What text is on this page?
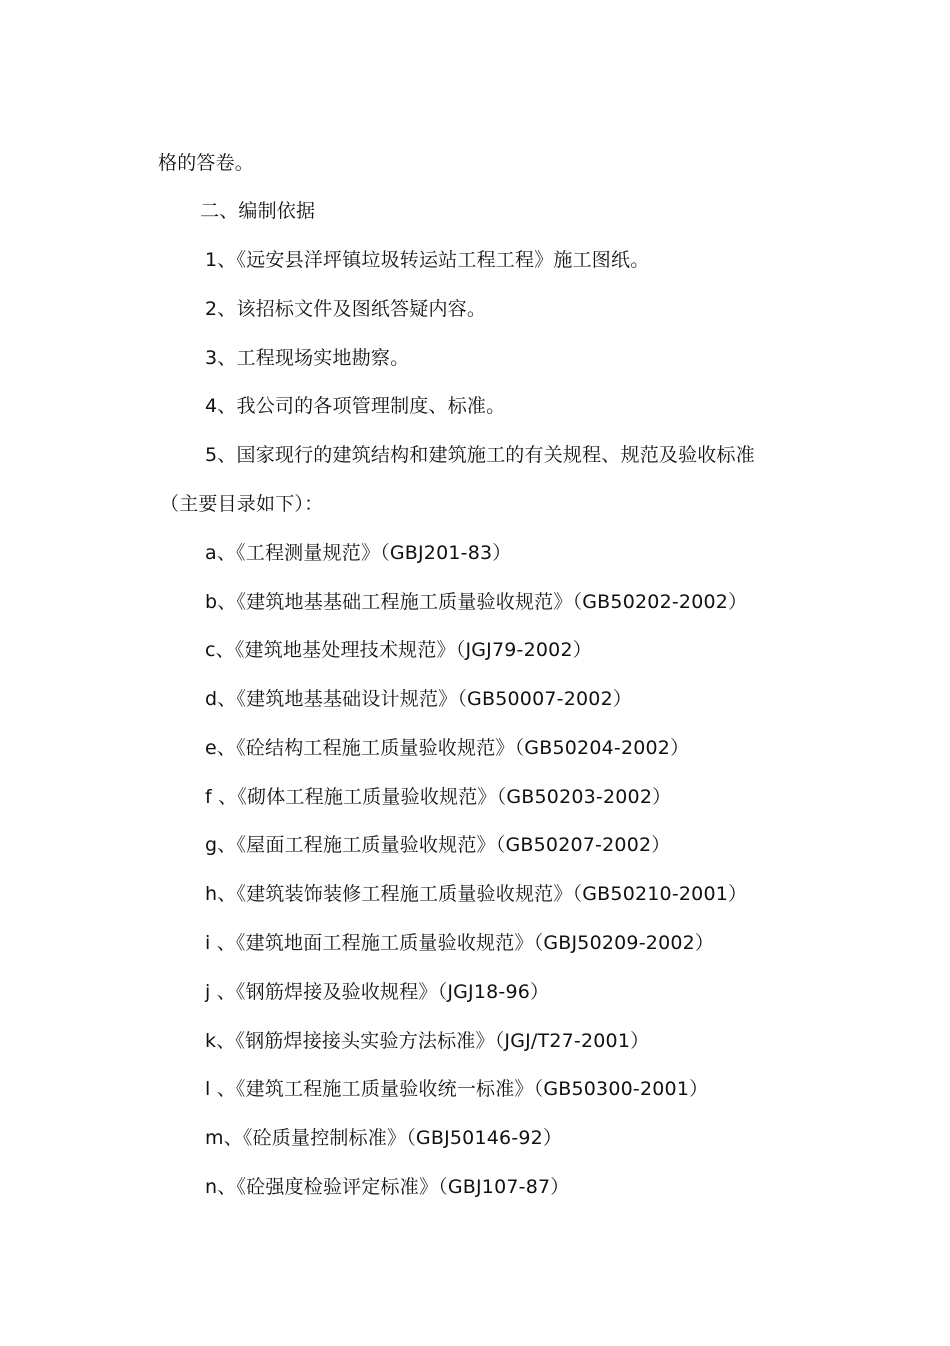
格的答卷。
二、编制依据
1、《远安县洋坪镇垃圾转运站工程工程》施工图纸。
2、该招标文件及图纸答疑内容。
3、工程现场实地勘察。
4、我公司的各项管理制度、标准。
5、国家现行的建筑结构和建筑施工的有关规程、规范及验收标准
（主要目录如下）：
a、《工程测量规范》（GBJ201-83）
b、《建筑地基基础工程施工质量验收规范》（GB50202-2002）
c、《建筑地基处理技术规范》（JGJ79-2002）
d、《建筑地基基础设计规范》（GB50007-2002）
e、《砼结构工程施工质量验收规范》（GB50204-2002）
f 、《砌体工程施工质量验收规范》（GB50203-2002）
g、《屋面工程施工质量验收规范》（GB50207-2002）
h、《建筑装饰装修工程施工质量验收规范》（GB50210-2001）
i 、《建筑地面工程施工质量验收规范》（GBJ50209-2002）
j 、《钢筋焊接及验收规程》（JGJ18-96）
k、《钢筋焊接接头实验方法标准》（JGJ/T27-2001）
l 、《建筑工程施工质量验收统一标准》（GB50300-2001）
m、《砼质量控制标准》（GBJ50146-92）
n、《砼强度检验评定标准》（GBJ107-87）
